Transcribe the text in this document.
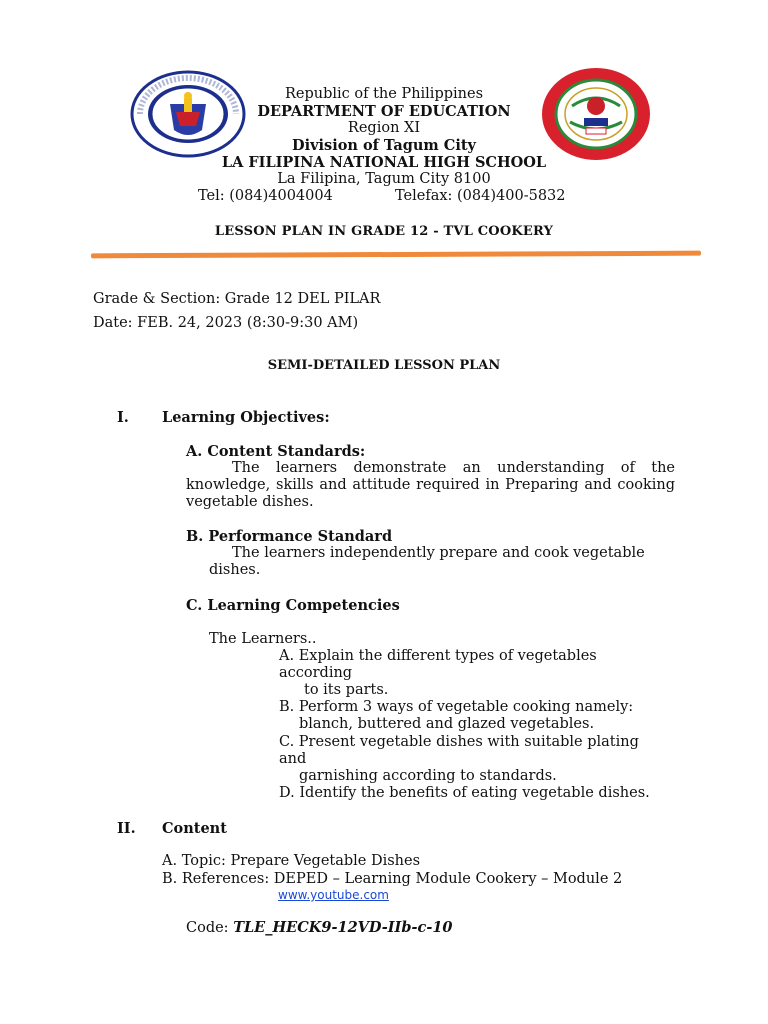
Republic of the Philippines
DEPARTMENT OF EDUCATION
Region XI
Division of Tagum City
LA FILIPINA NATIONAL HIGH SCHOOL
La Filipina, Tagum City 8100
Tel: (084)4004004	Telefax: (084)400-5832
LESSON PLAN IN GRADE 12 - TVL COOKERY
Grade & Section: Grade 12 DEL PILAR
Date: FEB. 24, 2023 (8:30-9:30 AM)
SEMI-DETAILED LESSON PLAN
I. Learning Objectives:
A. Content Standards:
The learners demonstrate an understanding of the knowledge, skills and attitude required in Preparing and cooking vegetable dishes.
B. Performance Standard
The learners independently prepare and cook vegetable
dishes.
C. Learning Competencies
The Learners..
A. Explain the different types of vegetables
according
to its parts.
B. Perform 3 ways of vegetable cooking namely:
blanch, buttered and glazed vegetables.
C. Present vegetable dishes with suitable plating
and
garnishing according to standards.
D. Identify the benefits of eating vegetable dishes.
II. Content
A. Topic: Prepare Vegetable Dishes
B. References: DEPED – Learning Module Cookery – Module 2
www.youtube.com
Code: TLE_HECK9-12VD-IIb-c-10
